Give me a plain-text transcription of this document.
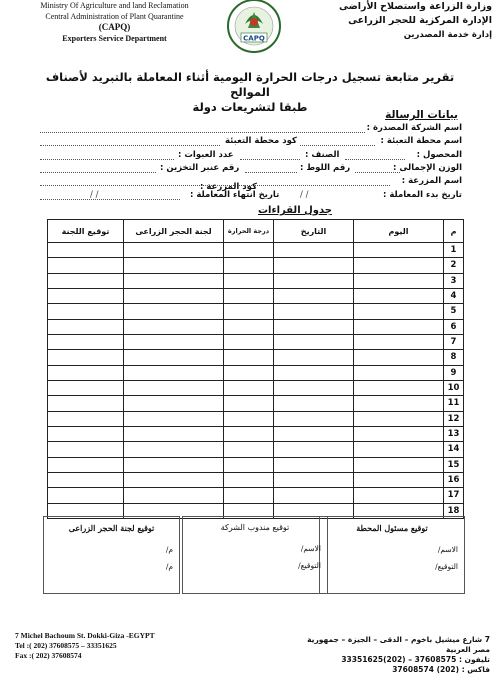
Ministry Of Agriculture and land Reclamation
Central Administration of Plant Quarantine
(CAPQ)
Exporters Service Department	CAPQ
وزارة الزراعة واستصلاح الأراضى
الإدارة المركزية للحجر الزراعى
إدارة خدمة المصدرين
تقرير متابعة تسجيل درجات الحرارة اليومية أثناء المعاملة بالتبريد لأصناف الموالح
طبقا لتشريعات دولة
بيانات الرسالة
اسم الشركة المصدرة :
اسم محطة التعبئة :
كود محطة التعبئة
المحصول :
الصنف :
عدد العبوات :
الوزن الإجمالى :
رقم اللوط :
رقم عنبر التخزين :
اسم المزرعة :
كود المزرعة :
تاريخ بدء المعاملة :
/ /
تاريخ انتهاء المعاملة :
/ /
جدول القراءات
م	اليوم	التاريخ	درجة الحرارة	لجنة الحجر الزراعى	توقيع اللجنة
1					
2					
3					
4					
5					
6					
7					
8					
9					
10					
11					
12					
13					
14					
15					
16					
17					
18					
توقيع مسئول المحطة
الاسم/
التوقيع/
توقيع مندوب الشركة
الاسم/
التوقيع/
توقيع لجنة الحجر الزراعى
م/
م/
7 Michel Bachoum St. Dokki-Giza -EGYPT
Tel :( 202) 37608575 – 33351625
Fax :( 202) 37608574
7 شارع ميشيل باخوم – الدقى – الجيزة – جمهورية مصر العربية
تليفون : 37608575 – (202)33351625
فاكس : (202) 37608574
